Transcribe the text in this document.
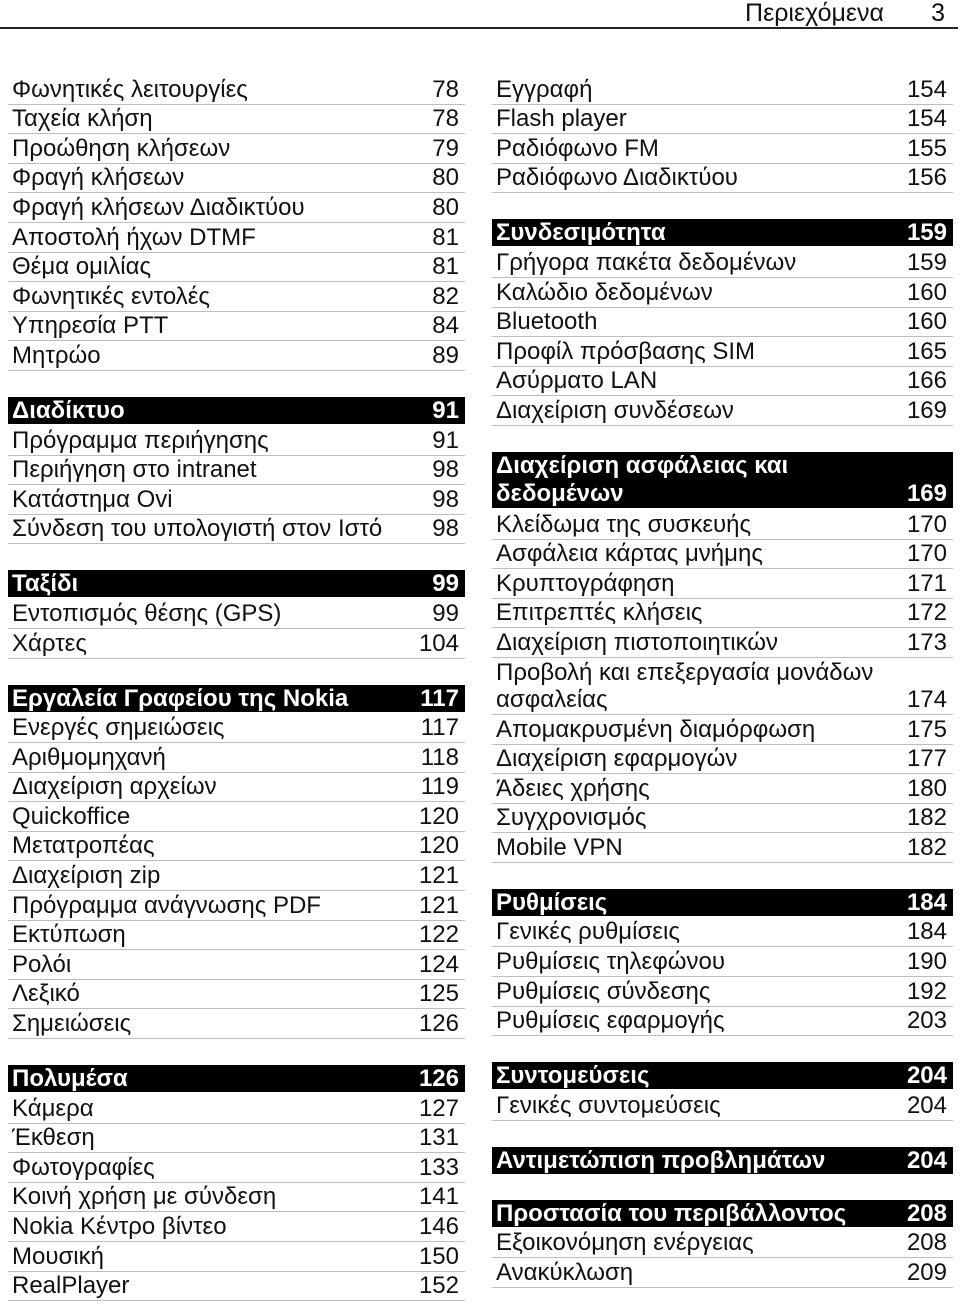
Περιεχόμενα 3
Φωνητικές λειτουργίες	78
Ταχεία κλήση	78
Προώθηση κλήσεων	79
Φραγή κλήσεων	80
Φραγή κλήσεων Διαδικτύου	80
Αποστολή ήχων DTMF	81
Θέμα ομιλίας	81
Φωνητικές εντολές	82
Υπηρεσία PTT	84
Μητρώο	89
Διαδίκτυο	91
Πρόγραμμα περιήγησης	91
Περιήγηση στο intranet	98
Κατάστημα Ovi	98
Σύνδεση του υπολογιστή στον Ιστό 98
Ταξίδι	99
Εντοπισμός θέσης (GPS)	99
Χάρτες	104
Εργαλεία Γραφείου της Nokia	117
Ενεργές σημειώσεις	117
Αριθμομηχανή	118
Διαχείριση αρχείων	119
Quickoffice	120
Μετατροπέας	120
Διαχείριση zip	121
Πρόγραμμα ανάγνωσης PDF	121
Εκτύπωση	122
Ρολόι	124
Λεξικό	125
Σημειώσεις	126
Πολυμέσα	126
Κάμερα	127
Έκθεση	131
Φωτογραφίες	133
Κοινή χρήση με σύνδεση	141
Nokia Κέντρο βίντεο	146
Μουσική	150
RealPlayer	152
Εγγραφή	154
Flash player	154
Ραδιόφωνο FM	155
Ραδιόφωνο Διαδικτύου	156
Συνδεσιμότητα	159
Γρήγορα πακέτα δεδομένων	159
Καλώδιο δεδομένων	160
Bluetooth	160
Προφίλ πρόσβασης SIM	165
Ασύρματο LAN	166
Διαχείριση συνδέσεων	169
Διαχείριση ασφάλειας και
δεδομένων	169
Κλείδωμα της συσκευής	170
Ασφάλεια κάρτας μνήμης	170
Κρυπτογράφηση	171
Επιτρεπτές κλήσεις	172
Διαχείριση πιστοποιητικών	173
Προβολή και επεξεργασία μονάδων
ασφαλείας	174
Απομακρυσμένη διαμόρφωση	175
Διαχείριση εφαρμογών	177
Άδειες χρήσης	180
Συγχρονισμός	182
Mobile VPN	182
Ρυθμίσεις	184
Γενικές ρυθμίσεις	184
Ρυθμίσεις τηλεφώνου	190
Ρυθμίσεις σύνδεσης	192
Ρυθμίσεις εφαρμογής	203
Συντομεύσεις	204
Γενικές συντομεύσεις	204
Αντιμετώπιση προβλημάτων	204
Προστασία του περιβάλλοντος	208
Εξοικονόμηση ενέργειας	208
Ανακύκλωση	209
